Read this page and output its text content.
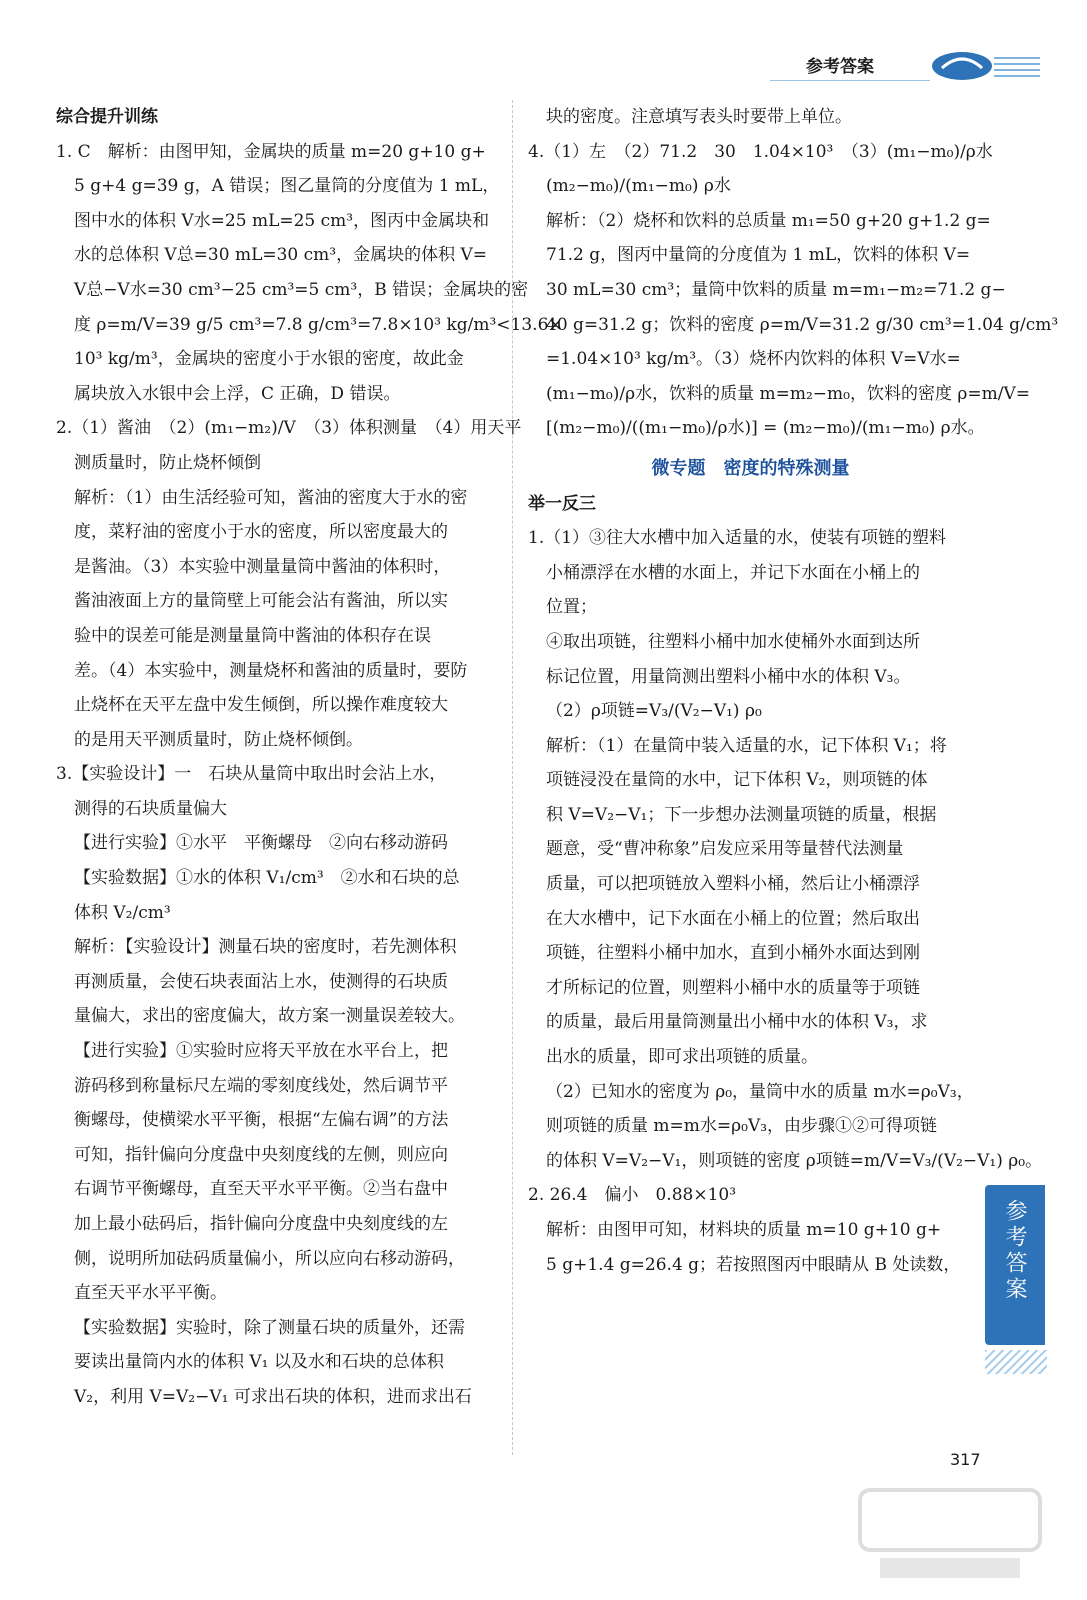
参考答案
综合提升训练
1. C　解析：由图甲知，金属块的质量 m=20 g+10 g+
5 g+4 g=39 g，A 错误；图乙量筒的分度值为 1 mL，
图中水的体积 V水=25 mL=25 cm³，图丙中金属块和
水的总体积 V总=30 mL=30 cm³，金属块的体积 V=
V总−V水=30 cm³−25 cm³=5 cm³，B 错误；金属块的密
度 ρ=m/V=39 g/5 cm³=7.8 g/cm³=7.8×10³ kg/m³<13.6×
10³ kg/m³，金属块的密度小于水银的密度，故此金
属块放入水银中会上浮，C 正确，D 错误。
2.（1）酱油　（2）(m₁−m₂)/V　（3）体积测量　（4）用天平
测质量时，防止烧杯倾倒
解析：（1）由生活经验可知，酱油的密度大于水的密
度，菜籽油的密度小于水的密度，所以密度最大的
是酱油。（3）本实验中测量量筒中酱油的体积时，
酱油液面上方的量筒壁上可能会沾有酱油，所以实
验中的误差可能是测量量筒中酱油的体积存在误
差。（4）本实验中，测量烧杯和酱油的质量时，要防
止烧杯在天平左盘中发生倾倒，所以操作难度较大
的是用天平测质量时，防止烧杯倾倒。
3.【实验设计】一　石块从量筒中取出时会沾上水，
测得的石块质量偏大
【进行实验】①水平　平衡螺母　②向右移动游码
【实验数据】①水的体积 V₁/cm³　②水和石块的总
体积 V₂/cm³
解析：【实验设计】测量石块的密度时，若先测体积
再测质量，会使石块表面沾上水，使测得的石块质
量偏大，求出的密度偏大，故方案一测量误差较大。
【进行实验】①实验时应将天平放在水平台上，把
游码移到称量标尺左端的零刻度线处，然后调节平
衡螺母，使横梁水平平衡，根据“左偏右调”的方法
可知，指针偏向分度盘中央刻度线的左侧，则应向
右调节平衡螺母，直至天平水平平衡。②当右盘中
加上最小砝码后，指针偏向分度盘中央刻度线的左
侧，说明所加砝码质量偏小，所以应向右移动游码，
直至天平水平平衡。
【实验数据】实验时，除了测量石块的质量外，还需
要读出量筒内水的体积 V₁ 以及水和石块的总体积
V₂，利用 V=V₂−V₁ 可求出石块的体积，进而求出石
块的密度。注意填写表头时要带上单位。
4.（1）左　（2）71.2　30　1.04×10³　（3）(m₁−m₀)/ρ水
(m₂−m₀)/(m₁−m₀) ρ水
解析：（2）烧杯和饮料的总质量 m₁=50 g+20 g+1.2 g=
71.2 g，图丙中量筒的分度值为 1 mL，饮料的体积 V=
30 mL=30 cm³；量筒中饮料的质量 m=m₁−m₂=71.2 g−
40 g=31.2 g；饮料的密度 ρ=m/V=31.2 g/30 cm³=1.04 g/cm³
=1.04×10³ kg/m³。（3）烧杯内饮料的体积 V=V水=
(m₁−m₀)/ρ水，饮料的质量 m=m₂−m₀，饮料的密度 ρ=m/V=
[(m₂−m₀)/((m₁−m₀)/ρ水)] = (m₂−m₀)/(m₁−m₀) ρ水。
微专题　密度的特殊测量
举一反三
1.（1）③往大水槽中加入适量的水，使装有项链的塑料
小桶漂浮在水槽的水面上，并记下水面在小桶上的
位置；
④取出项链，往塑料小桶中加水使桶外水面到达所
标记位置，用量筒测出塑料小桶中水的体积 V₃。
（2）ρ项链=V₃/(V₂−V₁) ρ₀
解析：（1）在量筒中装入适量的水，记下体积 V₁；将
项链浸没在量筒的水中，记下体积 V₂，则项链的体
积 V=V₂−V₁；下一步想办法测量项链的质量，根据
题意，受“曹冲称象”启发应采用等量替代法测量
质量，可以把项链放入塑料小桶，然后让小桶漂浮
在大水槽中，记下水面在小桶上的位置；然后取出
项链，往塑料小桶中加水，直到小桶外水面达到刚
才所标记的位置，则塑料小桶中水的质量等于项链
的质量，最后用量筒测量出小桶中水的体积 V₃，求
出水的质量，即可求出项链的质量。
（2）已知水的密度为 ρ₀，量筒中水的质量 m水=ρ₀V₃，
则项链的质量 m=m水=ρ₀V₃，由步骤①②可得项链
的体积 V=V₂−V₁，则项链的密度 ρ项链=m/V=V₃/(V₂−V₁) ρ₀。
2. 26.4　偏小　0.88×10³
解析：由图甲可知，材料块的质量 m=10 g+10 g+
5 g+1.4 g=26.4 g；若按照图丙中眼睛从 B 处读数，	参考答案
317
